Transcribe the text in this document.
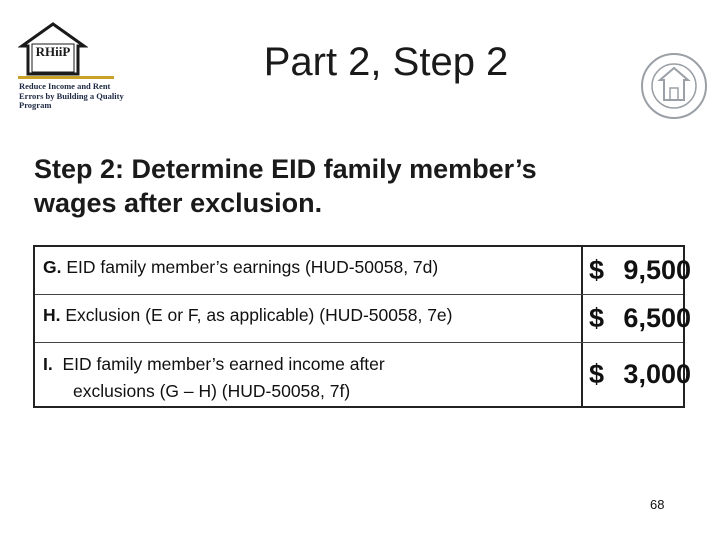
RHiiP
Reduce Income and Rent
Errors by Building a Quality
Program
Part 2, Step 2
Step 2: Determine EID family member’s
wages after exclusion.
G. EID family member’s earnings (HUD-50058, 7d)	$ 9,500
H. Exclusion (E or F, as applicable) (HUD-50058, 7e)	$ 6,500
I. EID family member’s earned income after
exclusions (G – H) (HUD-50058, 7f)
$ 3,000
68
